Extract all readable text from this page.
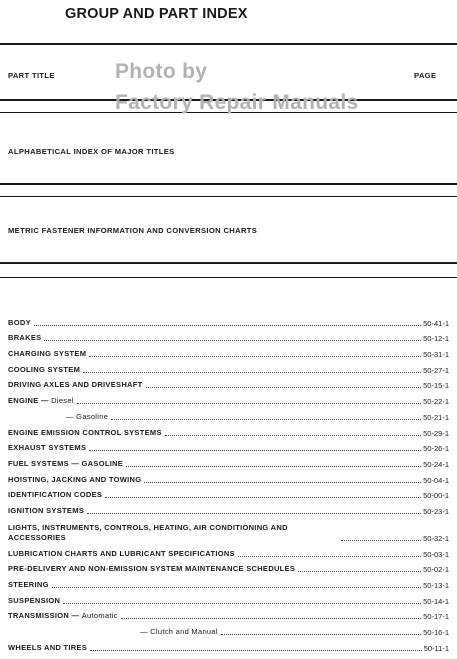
GROUP AND PART INDEX
PART TITLE	PAGE
Photo by
Factory Repair Manuals
ALPHABETICAL INDEX OF MAJOR TITLES
METRIC FASTENER INFORMATION AND CONVERSION CHARTS
BODY	50-41-1
BRAKES	50-12-1
CHARGING SYSTEM	50-31-1
COOLING SYSTEM	50-27-1
DRIVING AXLES AND DRIVESHAFT	50-15-1
ENGINE — Diesel	50-22-1
— Gasoline	50-21-1
ENGINE EMISSION CONTROL SYSTEMS	50-29-1
EXHAUST SYSTEMS	50-26-1
FUEL SYSTEMS — GASOLINE	50-24-1
HOISTING, JACKING AND TOWING	50-04-1
IDENTIFICATION CODES	50-00-1
IGNITION SYSTEMS	50-23-1
LIGHTS, INSTRUMENTS, CONTROLS, HEATING, AIR CONDITIONING AND ACCESSORIES	50-32-1
LUBRICATION CHARTS AND LUBRICANT SPECIFICATIONS	50-03-1
PRE-DELIVERY AND NON-EMISSION SYSTEM MAINTENANCE SCHEDULES	50-02-1
STEERING	50-13-1
SUSPENSION	50-14-1
TRANSMISSION — Automatic	50-17-1
— Clutch and Manual	50-16-1
WHEELS AND TIRES	50-11-1
